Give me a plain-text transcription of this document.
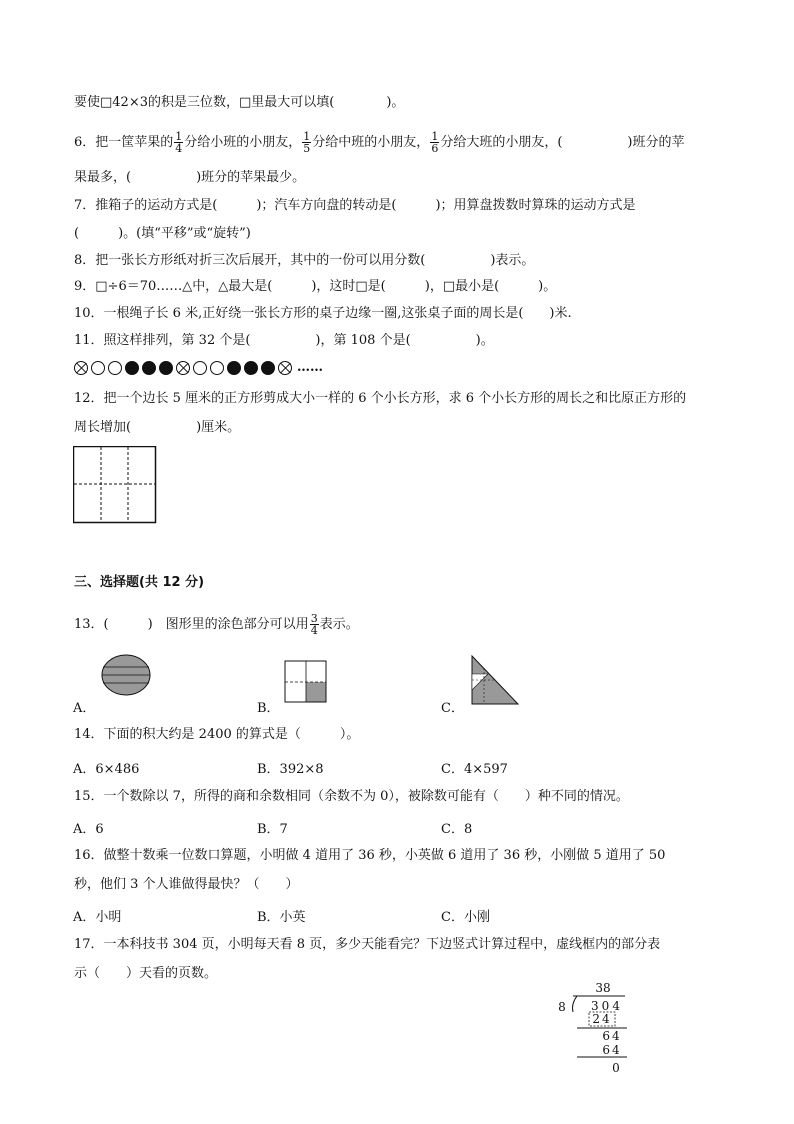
要使□42×3的积是三位数，□里最大可以填(　　　　)。
6．把一筐苹果的 $\frac{1}{4}$ 分给小班的小朋友， $\frac{1}{5}$ 分给中班的小朋友， $\frac{1}{6}$ 分给大班的小朋友，(　　　　　)班分的苹
果最多，(　　　　　)班分的苹果最少。
7．推箱子的运动方式是(　　　)；汽车方向盘的转动是(　　　)；用算盘拨数时算珠的运动方式是
(　　　)。(填“平移”或“旋转”)
8．把一张长方形纸对折三次后展开，其中的一份可以用分数(　　　　　)表示。
9．□÷6＝70……△中，△最大是(　　　)，这时□是(　　　)，□最小是(　　　)。
10．一根绳子长 6 米,正好绕一张长方形的桌子边缘一圈,这张桌子面的周长是(　　)米.
11．照这样排列，第 32 个是(　　　　　)，第 108 个是(　　　　　)。
……
12．把一个边长 5 厘米的正方形剪成大小一样的 6 个小长方形，求 6 个小长方形的周长之和比原正方形的
周长增加(　　　　　)厘米。
三、选择题(共 12 分)
13．(　　　)　图形里的涂色部分可以用 $\frac{3}{4}$ 表示。
A．	B．	C．
14．下面的积大约是 2400 的算式是（　　　）。
A．6×486	B．392×8	C．4×597
15．一个数除以 7，所得的商和余数相同（余数不为 0），被除数可能有（　　）种不同的情况。
A．6	B．7	C．8
16．做整十数乘一位数口算题，小明做 4 道用了 36 秒，小英做 6 道用了 36 秒，小刚做 5 道用了 50
秒，他们 3 个人谁做得最快？（　　）
A．小明	B．小英	C．小刚
17．一本科技书 304 页，小明每天看 8 页，多少天能看完？下边竖式计算过程中，虚线框内的部分表
示（　　）天看的页数。
38
8 304
24
64
64
0
